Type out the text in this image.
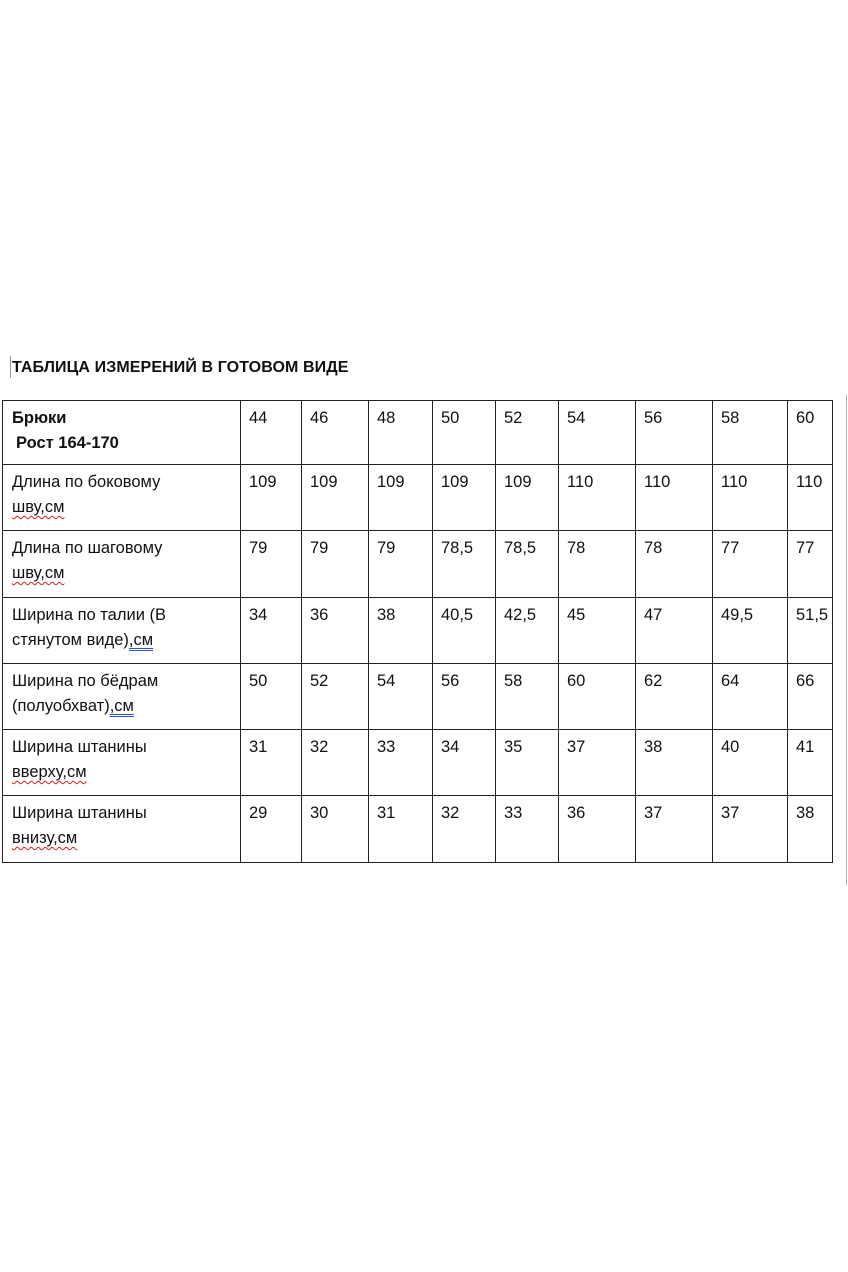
ТАБЛИЦА ИЗМЕРЕНИЙ В ГОТОВОМ ВИДЕ
Брюки
Рост 164-170	44	46	48	50	52	54	56	58	60

Длина по боковому
шву,см	109	109	109	109	109	110	110	110	110

Длина по шаговому
шву,см	79	79	79	78,5	78,5	78	78	77	77

Ширина по талии (В
стянутом виде),см	34	36	38	40,5	42,5	45	47	49,5	51,5

Ширина по бёдрам
(полуобхват),см	50	52	54	56	58	60	62	64	66

Ширина штанины
вверху,см	31	32	33	34	35	37	38	40	41

Ширина штанины
внизу,см	29	30	31	32	33	36	37	37	38
